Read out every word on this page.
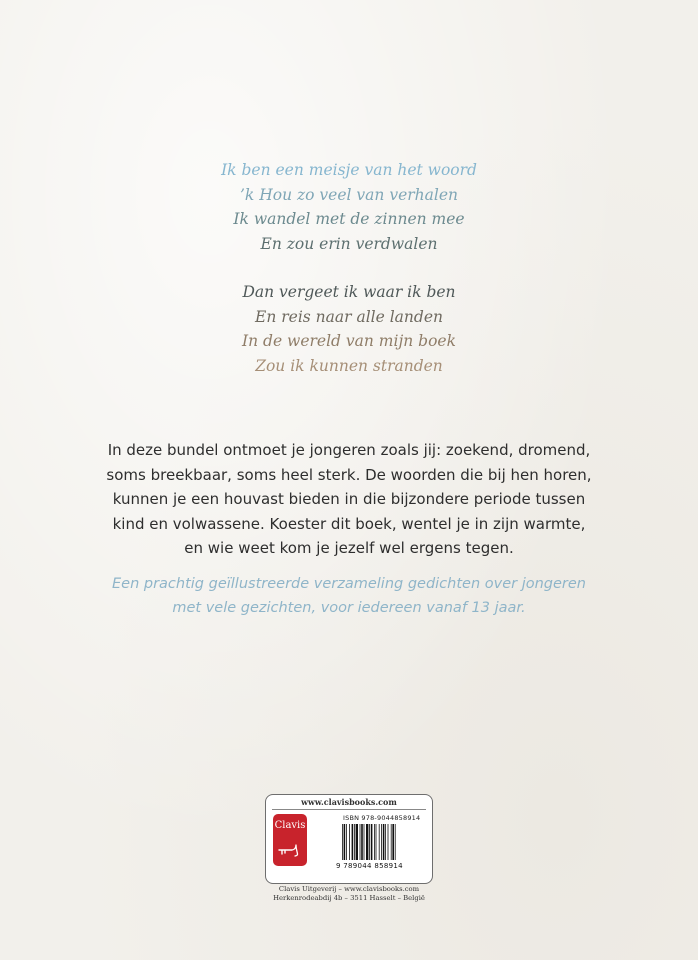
Ik ben een meisje van het woord
’k Hou zo veel van verhalen
Ik wandel met de zinnen mee
En zou erin verdwalen
Dan vergeet ik waar ik ben
En reis naar alle landen
In de wereld van mijn boek
Zou ik kunnen stranden
In deze bundel ontmoet je jongeren zoals jij: zoekend, dromend,
soms breekbaar, soms heel sterk. De woorden die bij hen horen,
kunnen je een houvast bieden in die bijzondere periode tussen
kind en volwassene. Koester dit boek, wentel je in zijn warmte,
en wie weet kom je jezelf wel ergens tegen.
Een prachtig geïllustreerde verzameling gedichten over jongeren
met vele gezichten, voor iedereen vanaf 13 jaar.
www.clavisbooks.com
Clavis
ISBN 978-9044858914
9 789044 858914
Clavis Uitgeverij – www.clavisbooks.com
Herkenrodeabdij 4b – 3511 Hasselt – België
